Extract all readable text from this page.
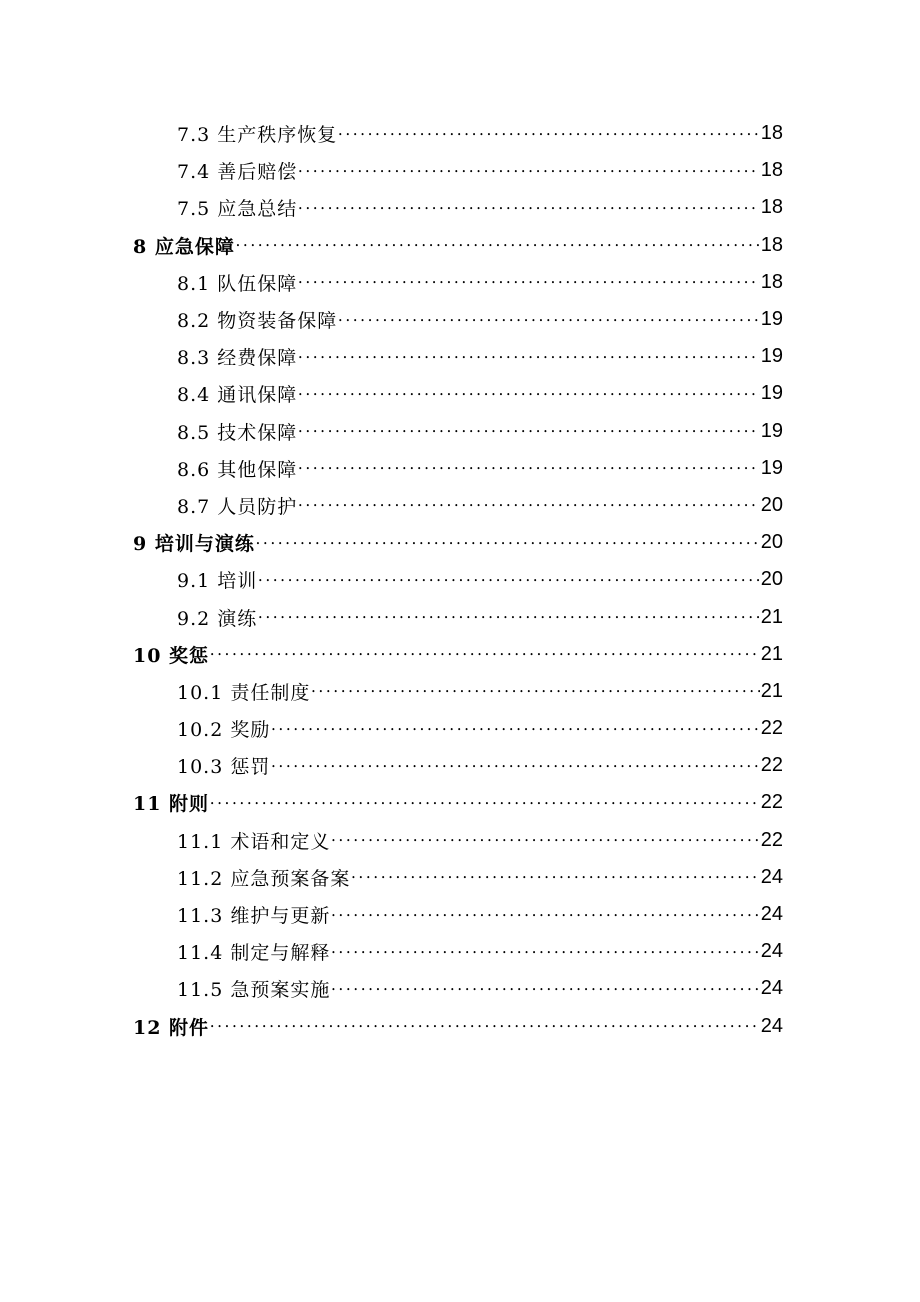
7.3 生产秩序恢复 •••••	18
7.4 善后赔偿 •••••	18
7.5 应急总结 •••••	18
8 应急保障 •••••	18
8.1 队伍保障 •••••	18
8.2 物资装备保障 •••••	19
8.3 经费保障 •••••	19
8.4 通讯保障 •••••	19
8.5 技术保障 •••••	19
8.6 其他保障 •••••	19
8.7 人员防护 •••••	20
9 培训与演练 •••••	20
9.1 培训 •••••	20
9.2 演练 •••••	21
10 奖惩 •••••	21
10.1 责任制度 •••••	21
10.2 奖励 •••••	22
10.3 惩罚 •••••	22
11 附则 •••••	22
11.1 术语和定义 •••••	22
11.2 应急预案备案 •••••	24
11.3 维护与更新 •••••	24
11.4 制定与解释 •••••	24
11.5 急预案实施 •••••	24
12 附件 •••••	24
